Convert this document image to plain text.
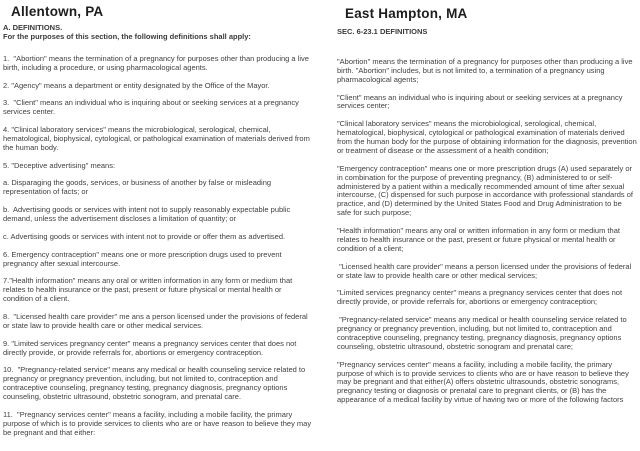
Allentown, PA
A. DEFINITIONS.
For the purposes of this section, the following definitions shall apply:

1.  "Abortion" means the termination of a pregnancy for purposes other than producing a live birth, including a procedure, or using pharmacological agents.

2. "Agency" means a department or entity designated by the Office of the Mayor.

3.  "Client" means an individual who is inquiring about or seeking services at a pregnancy services center.

4. "Clinical laboratory services" means the microbiological, serological, chemical, hematological, biophysical, cytological, or pathological examination of materials derived from the human body.

5. "Deceptive advertising" means:

a. Disparaging the goods, services, or business of another by false or misleading representation of facts; or

b.  Advertising goods or services with intent not to supply reasonably expectable public demand, unless the advertisement discloses a limitation of quantity; or

c. Advertising goods or services with intent not to provide or offer them as advertised.

6. Emergency contraception" means one or more prescription drugs used to prevent pregnancy after sexual intercourse.

7."Health information" means any oral or written information in any form or medium that relates to health insurance or the past, present or future physical or mental health or condition of a client.

8.  "Licensed health care provider" me ans a person licensed under the provisions of federal or state law to provide health care or other medical services.

9. "Limited services pregnancy center" means a pregnancy services center that does not directly provide, or provide referrals for, abortions or emergency contraception.

10.  "Pregnancy-related service" means any medical or health counseling service related to pregnancy or pregnancy prevention, including, but not limited to, contraception and contraceptive counseling, pregnancy testing, pregnancy diagnosis, pregnancy options counseling, obstetric ultrasound, obstetric sonogram, and prenatal care.

11.  "Pregnancy services center" means a facility, including a mobile facility, the primary purpose of which is to provide services to clients who are or have reason to believe they may be pregnant and that either:

East Hampton, MA
SEC. 6-23.1 DEFINITIONS

"Abortion" means the termination of a pregnancy for purposes other than producing a live birth. "Abortion" includes, but is not limited to, a termination of a pregnancy using pharmacological agents;

"Client" means an individual who is inquiring about or seeking services at a pregnancy services center;

"Clinical laboratory services" means the microbiological, serological, chemical, hematological, biophysical, cytological or pathological examination of materials derived from the human body for the purpose of obtaining information for the diagnosis, prevention or treatment of disease or the assessment of a health condition;

"Emergency contraception" means one or more prescription drugs (A) used separately or in combination for the purpose of preventing pregnancy, (B) administered to or self-administered by a patient within a medically recommended amount of time after sexual intercourse, (C) dispensed for such purpose in accordance with professional standards of practice, and (D) determined by the United States Food and Drug Administration to be safe for such purpose;

"Health information" means any oral or written information in any form or medium that relates to health insurance or the past, present or future physical or mental health or condition of a client;

"Licensed health care provider" means a person licensed under the provisions of federal or state law to provide health care or other medical services;

"Limited services pregnancy center" means a pregnancy services center that does not directly provide, or provide referrals for, abortions or emergency contraception;

"Pregnancy-related service" means any medical or health counseling service related to pregnancy or pregnancy prevention, including, but not limited to, contraception and contraceptive counseling, pregnancy testing, pregnancy diagnosis, pregnancy options counseling, obstetric ultrasound, obstetric sonogram and prenatal care;

"Pregnancy services center" means a facility, including a mobile facility, the primary purpose of which is to provide services to clients who are or have reason to believe they may be pregnant and that either(A) offers obstetric ultrasounds, obstetric sonograms, pregnancy testing or diagnosis or prenatal care to pregnant clients, or (B) has the appearance of a medical facility by virtue of having two or more of the following factors
